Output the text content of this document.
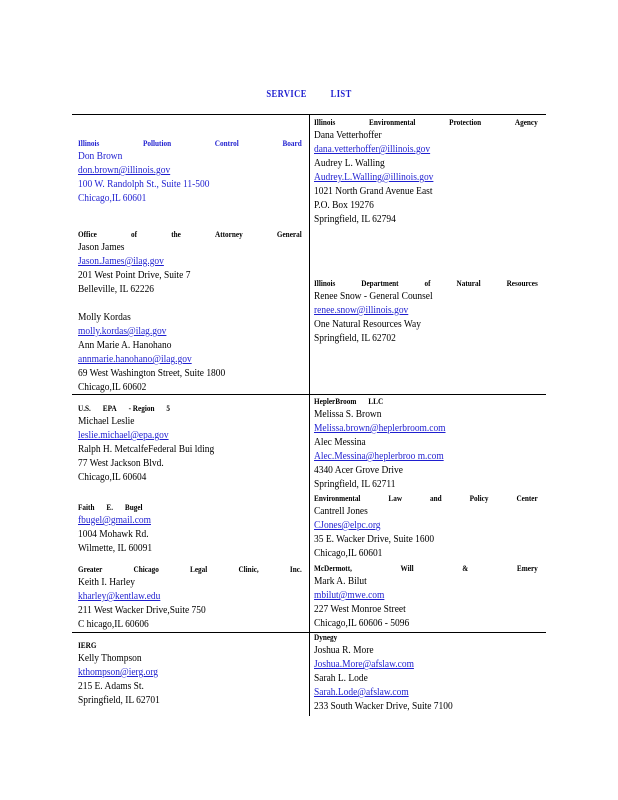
SERVICE LIST
Illinois	Pollution	Control	Board
Don Brown
don.brown@illinois.gov
100 W. Randolph St., Suite 11-500
Chicago,IL 60601
Office	of	the	Attorney	General
Jason James
Jason.James@ilag.gov
201 West Point Drive, Suite 7
Belleville, IL 62226
Molly Kordas
molly.kordas@ilag.gov
Ann Marie A. Hanohano
annmarie.hanohano@ilag.gov
69 West Washington Street, Suite 1800
Chicago,IL 60602
Illinois	Environmental	Protection	Agency
Dana Vetterhoffer
dana.vetterhoffer@illinois.gov
Audrey L. Walling
Audrey.L.Walling@illinois.gov
1021 North Grand Avenue East
P.O. Box 19276
Springfield, IL 62794
Illinois	Department	of	Natural	Resources
Renee Snow - General Counsel
renee.snow@illinois.gov
One Natural Resources Way
Springfield, IL 62702
U.S. EPA - Region 5
Michael Leslie
leslie.michael@epa.gov
Ralph H. MetcalfeFederal Bui lding
77 West Jackson Blvd.
Chicago,IL 60604
Faith E. Bugel
fbugel@gmail.com
1004 Mohawk Rd.
Wilmette, IL 60091
Greater	Chicago	Legal	Clinic,	Inc.
Keith I. Harley
kharley@kentlaw.edu
211 West Wacker Drive,Suite 750
C hicago,IL 60606
HeplerBroom LLC
Melissa S. Brown
Melissa.brown@heplerbroom.com
Alec Messina
Alec.Messina@heplerbroo m.com
4340 Acer Grove Drive
Springfield, IL 62711
Environmental	Law	and	Policy	Center
Cantrell Jones
CJones@elpc.org
35 E. Wacker Drive, Suite 1600
Chicago,IL 60601
McDermott,	Will	&	Emery
Mark A. Bilut
mbilut@mwe.com
227 West Monroe Street
Chicago,IL 60606 - 5096
IERG
Kelly Thompson
kthompson@ierg.org
215 E. Adams St.
Springfield, IL 62701
Dynegy
Joshua R. More
Joshua.More@afslaw.com
Sarah L. Lode
Sarah.Lode@afslaw.com
233 South Wacker Drive, Suite 7100
